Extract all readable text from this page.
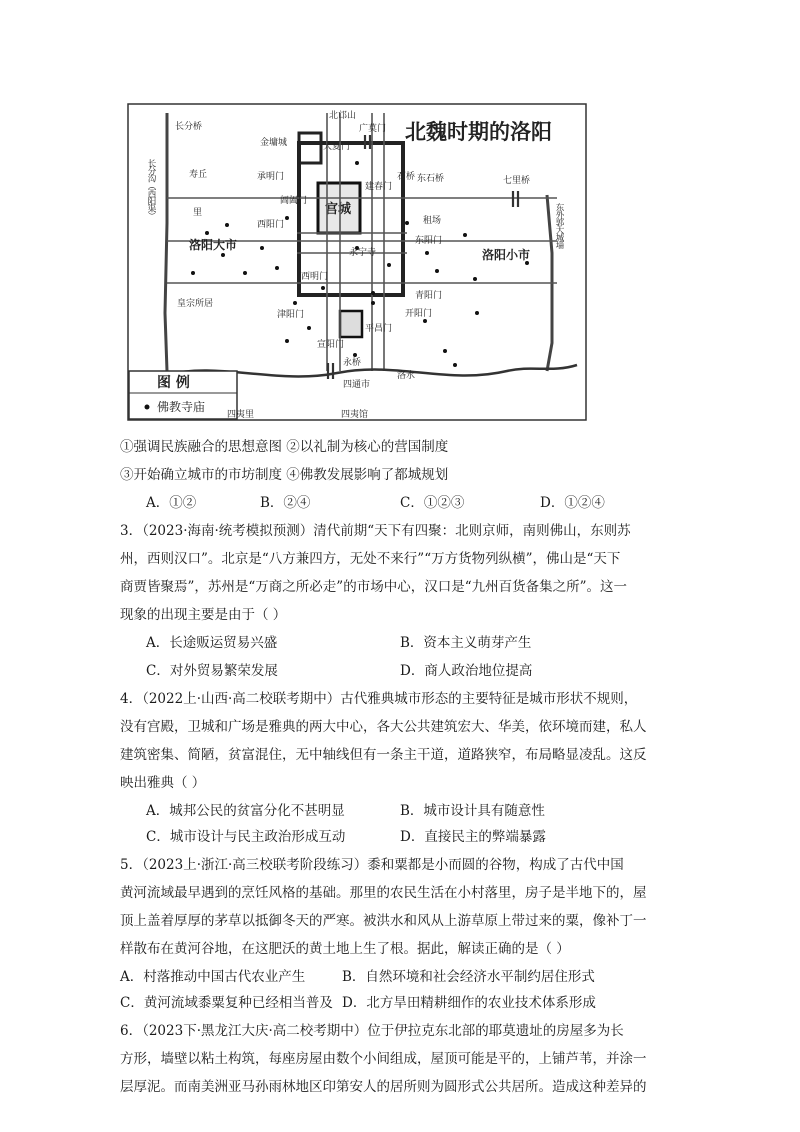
北魏时期的洛阳
宫城
图 例
佛教寺庙
北邙山
长分桥
金墉城
广莫门
大夏门
寿丘	承明门
里
阊阖门
建春门
石桥 东石桥	七里桥
租场
西阳门
东阳门
永宁寺
西明门
皇宗所居
青阳门
津阳门	开阳门
平昌门
宣阳门
永桥
四通市
洛水
四夷里	四夷馆
洛阳大市
洛阳小市
长分沟（西阳渠）
东外郭大城墙
①强调民族融合的思想意图 ②以礼制为核心的营国制度
③开始确立城市的市坊制度 ④佛教发展影响了都城规划
A．①②	B．②④	C．①②③	D．①②④
3．（2023·海南·统考模拟预测）清代前期“天下有四聚：北则京师，南则佛山，东则苏
州，西则汉口”。北京是“八方兼四方，无处不来行”“万方货物列纵横”，佛山是“天下
商贾皆聚焉”，苏州是“万商之所必走”的市场中心，汉口是“九州百货备集之所”。这一
现象的出现主要是由于（ ）
A．长途贩运贸易兴盛	B．资本主义萌芽产生
C．对外贸易繁荣发展	D．商人政治地位提高
4．（2022上·山西·高二校联考期中）古代雅典城市形态的主要特征是城市形状不规则，
没有宫殿，卫城和广场是雅典的两大中心，各大公共建筑宏大、华美，依环境而建，私人
建筑密集、简陋，贫富混住，无中轴线但有一条主干道，道路狭窄，布局略显凌乱。这反
映出雅典（ ）
A．城邦公民的贫富分化不甚明显	B．城市设计具有随意性
C．城市设计与民主政治形成互动	D．直接民主的弊端暴露
5．（2023上·浙江·高三校联考阶段练习）黍和粟都是小而圆的谷物，构成了古代中国
黄河流域最早遇到的烹饪风格的基础。那里的农民生活在小村落里，房子是半地下的，屋
顶上盖着厚厚的茅草以抵御冬天的严寒。被洪水和风从上游草原上带过来的粟，像补丁一
样散布在黄河谷地，在这肥沃的黄土地上生了根。据此，解读正确的是（ ）
A．村落推动中国古代农业产生	B．自然环境和社会经济水平制约居住形式
C．黄河流域黍粟复种已经相当普及 D．北方旱田精耕细作的农业技术体系形成
6．（2023下·黑龙江大庆·高二校考期中）位于伊拉克东北部的耶莫遗址的房屋多为长
方形，墙壁以粘土构筑，每座房屋由数个小间组成，屋顶可能是平的，上铺芦苇，并涂一
层厚泥。而南美洲亚马孙雨林地区印第安人的居所则为圆形式公共居所。造成这种差异的
